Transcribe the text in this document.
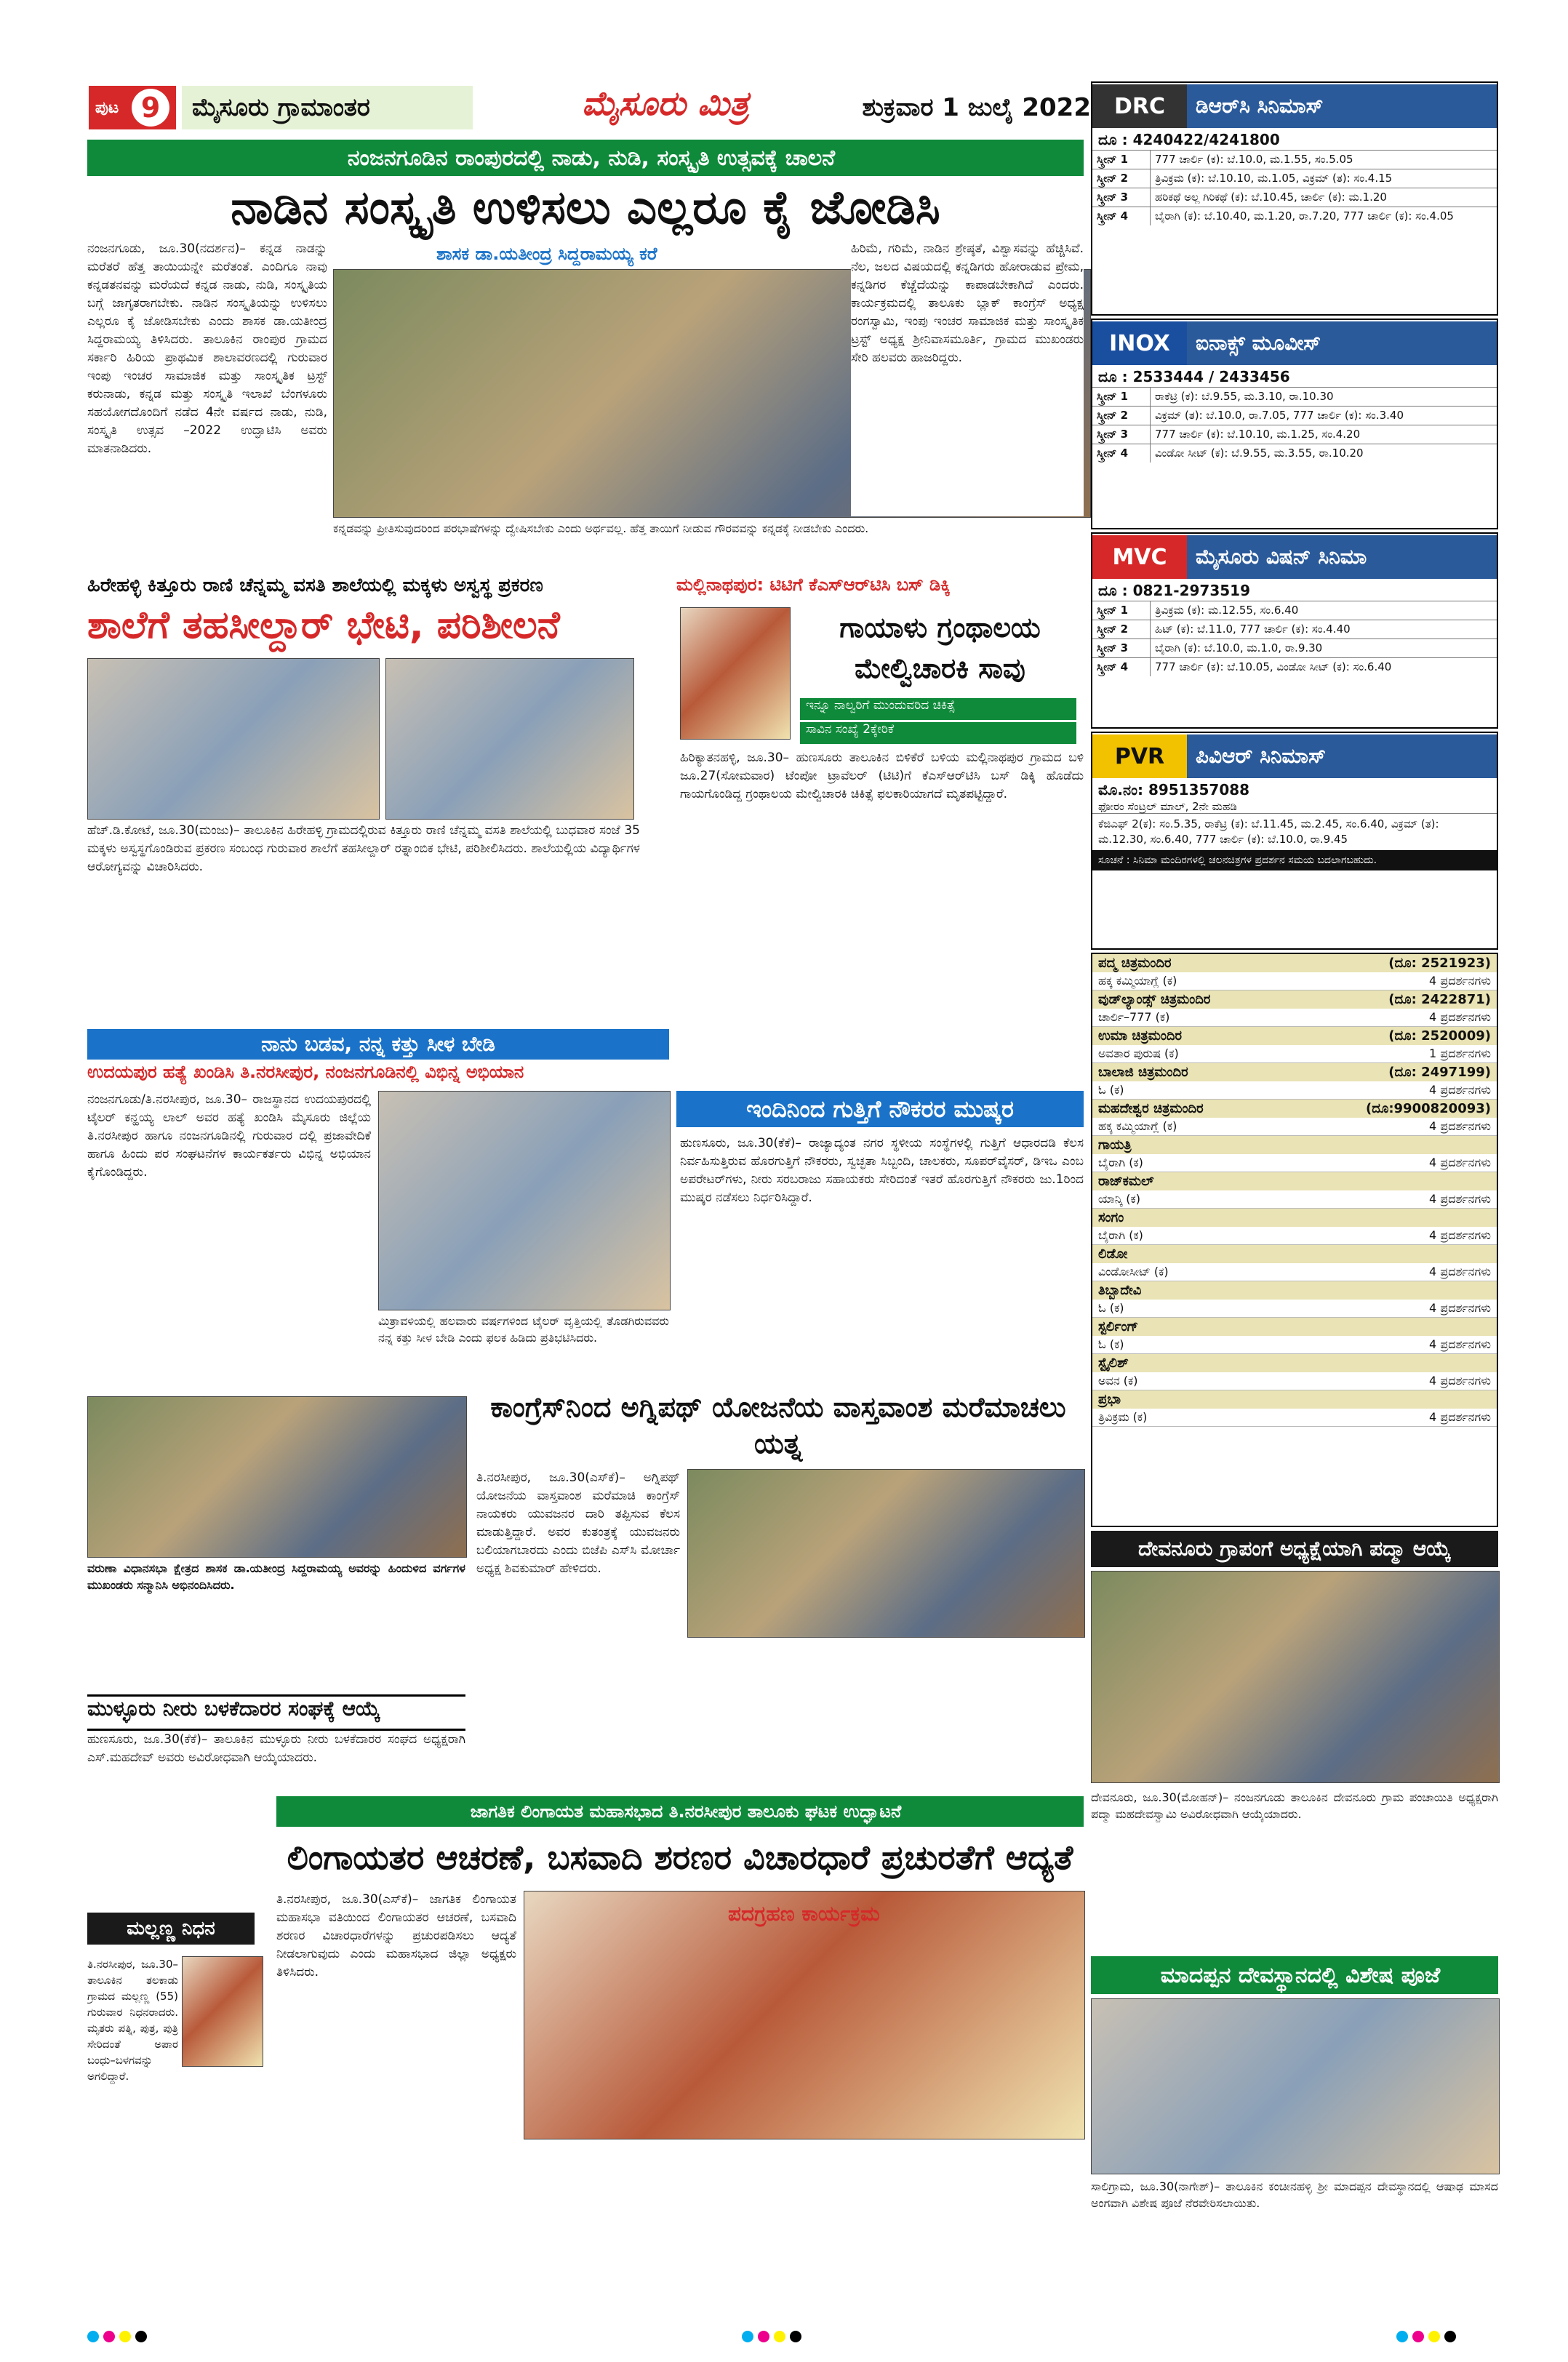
ಪುಟ 9	ಮೈಸೂರು ಗ್ರಾಮಾಂತರ	ಮೈಸೂರು ಮಿತ್ರ	ಶುಕ್ರವಾರ 1 ಜುಲೈ 2022
ನಂಜನಗೂಡಿನ ರಾಂಪುರದಲ್ಲಿ ನಾಡು, ನುಡಿ, ಸಂಸ್ಕೃತಿ ಉತ್ಸವಕ್ಕೆ ಚಾಲನೆ
ನಾಡಿನ ಸಂಸ್ಕೃತಿ ಉಳಿಸಲು ಎಲ್ಲರೂ ಕೈ ಜೋಡಿಸಿ
ನಂಜನಗೂಡು, ಜೂ.30(ನದರ್ಶನ)– ಕನ್ನಡ ನಾಡನ್ನು ಮರೆತರೆ ಹೆತ್ತ ತಾಯಿಯನ್ನೇ ಮರೆತಂತೆ. ಎಂದಿಗೂ ನಾವು ಕನ್ನಡತನವನ್ನು ಮರೆಯದೆ ಕನ್ನಡ ನಾಡು, ನುಡಿ, ಸಂಸ್ಕೃತಿಯ ಬಗ್ಗೆ ಜಾಗೃತರಾಗಬೇಕು. ನಾಡಿನ ಸಂಸ್ಕೃತಿಯನ್ನು ಉಳಿಸಲು ಎಲ್ಲರೂ ಕೈ ಜೋಡಿಸಬೇಕು ಎಂದು ಶಾಸಕ ಡಾ.ಯತೀಂದ್ರ ಸಿದ್ದರಾಮಯ್ಯ ತಿಳಿಸಿದರು. ತಾಲೂಕಿನ ರಾಂಪುರ ಗ್ರಾಮದ ಸರ್ಕಾರಿ ಹಿರಿಯ ಪ್ರಾಥಮಿಕ ಶಾಲಾವರಣದಲ್ಲಿ ಗುರುವಾರ ಇಂಪು ಇಂಚರ ಸಾಮಾಜಿಕ ಮತ್ತು ಸಾಂಸ್ಕೃತಿಕ ಟ್ರಸ್ಟ್ ಕರುನಾಡು, ಕನ್ನಡ ಮತ್ತು ಸಂಸ್ಕೃತಿ ಇಲಾಖೆ ಬೆಂಗಳೂರು ಸಹಯೋಗದೊಂದಿಗೆ ನಡೆದ 4ನೇ ವರ್ಷದ ನಾಡು, ನುಡಿ, ಸಂಸ್ಕೃತಿ ಉತ್ಸವ –2022 ಉದ್ಘಾಟಿಸಿ ಅವರು ಮಾತನಾಡಿದರು.
ಶಾಸಕ ಡಾ.ಯತೀಂದ್ರ ಸಿದ್ದರಾಮಯ್ಯ ಕರೆ	ಹಿರಿಮೆ, ಗರಿಮೆ, ನಾಡಿನ ಶ್ರೇಷ್ಠತೆ, ವಿಶ್ವಾಸವನ್ನು ಹೆಚ್ಚಿಸಿವೆ. ನೆಲ, ಜಲದ ವಿಷಯದಲ್ಲಿ ಕನ್ನಡಿಗರು ಹೋರಾಡುವ ಪ್ರೇಮ, ಕನ್ನಡಿಗರ ಕೆಚ್ಚೆದೆಯನ್ನು ಕಾಪಾಡಬೇಕಾಗಿದೆ ಎಂದರು. ಕಾರ್ಯಕ್ರಮದಲ್ಲಿ ತಾಲೂಕು ಬ್ಲಾಕ್ ಕಾಂಗ್ರೆಸ್ ಅಧ್ಯಕ್ಷ ರಂಗಸ್ವಾಮಿ, ಇಂಪು ಇಂಚರ ಸಾಮಾಜಿಕ ಮತ್ತು ಸಾಂಸ್ಕೃತಿಕ ಟ್ರಸ್ಟ್ ಅಧ್ಯಕ್ಷ ಶ್ರೀನಿವಾಸಮೂರ್ತಿ, ಗ್ರಾಮದ ಮುಖಂಡರು ಸೇರಿ ಹಲವರು ಹಾಜರಿದ್ದರು.
ಕನ್ನಡವನ್ನು ಪ್ರೀತಿಸುವುದರಿಂದ ಪರಭಾಷೆಗಳನ್ನು ದ್ವೇಷಿಸಬೇಕು ಎಂದು ಅರ್ಥವಲ್ಲ. ಹೆತ್ತ ತಾಯಿಗೆ ನೀಡುವ ಗೌರವವನ್ನು ಕನ್ನಡಕ್ಕೆ ನೀಡಬೇಕು ಎಂದರು.
ಹಿರೇಹಳ್ಳಿ ಕಿತ್ತೂರು ರಾಣಿ ಚೆನ್ನಮ್ಮ ವಸತಿ ಶಾಲೆಯಲ್ಲಿ ಮಕ್ಕಳು ಅಸ್ವಸ್ಥ ಪ್ರಕರಣ
ಶಾಲೆಗೆ ತಹಸೀಲ್ದಾರ್ ಭೇಟಿ, ಪರಿಶೀಲನೆ
ಹೆಚ್.ಡಿ.ಕೋಟೆ, ಜೂ.30(ಮಂಜು)– ತಾಲೂಕಿನ ಹಿರೇಹಳ್ಳಿ ಗ್ರಾಮದಲ್ಲಿರುವ ಕಿತ್ತೂರು ರಾಣಿ ಚೆನ್ನಮ್ಮ ವಸತಿ ಶಾಲೆಯಲ್ಲಿ ಬುಧವಾರ ಸಂಜೆ 35 ಮಕ್ಕಳು ಅಸ್ವಸ್ಥಗೊಂಡಿರುವ ಪ್ರಕರಣ ಸಂಬಂಧ ಗುರುವಾರ ಶಾಲೆಗೆ ತಹಸೀಲ್ದಾರ್ ರತ್ನಾಂಬಿಕ ಭೇಟಿ, ಪರಿಶೀಲಿಸಿದರು. ಶಾಲೆಯಲ್ಲಿಯ ವಿದ್ಯಾರ್ಥಿಗಳ ಆರೋಗ್ಯವನ್ನು ವಿಚಾರಿಸಿದರು.
ಮಲ್ಲಿನಾಥಪುರ: ಟಿಟಿಗೆ ಕೆಎಸ್‌ಆರ್‌ಟಿಸಿ ಬಸ್ ಡಿಕ್ಕಿ
ಗಾಯಾಳು ಗ್ರಂಥಾಲಯ ಮೇಲ್ವಿಚಾರಕಿ ಸಾವು
ಇನ್ನೂ ನಾಲ್ವರಿಗೆ ಮುಂದುವರಿದ ಚಿಕಿತ್ಸೆ
ಸಾವಿನ ಸಂಖ್ಯೆ 2ಕ್ಕೇರಿಕೆ
ಹಿರಿಕ್ಯಾತನಹಳ್ಳಿ, ಜೂ.30– ಹುಣಸೂರು ತಾಲೂಕಿನ ಬಿಳಿಕೆರೆ ಬಳಿಯ ಮಲ್ಲಿನಾಥಪುರ ಗ್ರಾಮದ ಬಳಿ ಜೂ.27(ಸೋಮವಾರ) ಟೆಂಪೋ ಟ್ರಾವೆಲರ್ (ಟಿಟಿ)ಗೆ ಕೆಎಸ್‌ಆರ್‌ಟಿಸಿ ಬಸ್ ಡಿಕ್ಕಿ ಹೊಡೆದು ಗಾಯಗೊಂಡಿದ್ದ ಗ್ರಂಥಾಲಯ ಮೇಲ್ವಿಚಾರಕಿ ಚಿಕಿತ್ಸೆ ಫಲಕಾರಿಯಾಗದೆ ಮೃತಪಟ್ಟಿದ್ದಾರೆ.
ನಾನು ಬಡವ, ನನ್ನ ಕತ್ತು ಸೀಳ ಬೇಡಿ
ಉದಯಪುರ ಹತ್ಯೆ ಖಂಡಿಸಿ ತಿ.ನರಸೀಪುರ, ನಂಜನಗೂಡಿನಲ್ಲಿ ವಿಭಿನ್ನ ಅಭಿಯಾನ
ನಂಜನಗೂಡು/ತಿ.ನರಸೀಪುರ, ಜೂ.30– ರಾಜಸ್ಥಾನದ ಉದಯಪುರದಲ್ಲಿ ಟೈಲರ್ ಕನ್ಹಯ್ಯ ಲಾಲ್ ಅವರ ಹತ್ಯೆ ಖಂಡಿಸಿ ಮೈಸೂರು ಜಿಲ್ಲೆಯ ತಿ.ನರಸೀಪುರ ಹಾಗೂ ನಂಜನಗೂಡಿನಲ್ಲಿ ಗುರುವಾರ ದಲ್ಲಿ ಪ್ರಜಾವೇದಿಕೆ ಹಾಗೂ ಹಿಂದು ಪರ ಸಂಘಟನೆಗಳ ಕಾರ್ಯಕರ್ತರು ವಿಭಿನ್ನ ಅಭಿಯಾನ ಕೈಗೊಂಡಿದ್ದರು.
ಮಿತ್ರಾವಳಿಯಲ್ಲಿ ಹಲವಾರು ವರ್ಷಗಳಿಂದ ಟೈಲರ್ ವೃತ್ತಿಯಲ್ಲಿ ತೊಡಗಿರುವವರು ನನ್ನ ಕತ್ತು ಸೀಳ ಬೇಡಿ ಎಂದು ಫಲಕ ಹಿಡಿದು ಪ್ರತಿಭಟಿಸಿದರು.
ಇಂದಿನಿಂದ ಗುತ್ತಿಗೆ ನೌಕರರ ಮುಷ್ಕರ
ಹುಣಸೂರು, ಜೂ.30(ಕೆಕೆ)– ರಾಜ್ಯಾದ್ಯಂತ ನಗರ ಸ್ಥಳೀಯ ಸಂಸ್ಥೆಗಳಲ್ಲಿ ಗುತ್ತಿಗೆ ಆಧಾರದಡಿ ಕೆಲಸ ನಿರ್ವಹಿಸುತ್ತಿರುವ ಹೊರಗುತ್ತಿಗೆ ನೌಕರರು, ಸ್ವಚ್ಛತಾ ಸಿಬ್ಬಂದಿ, ಚಾಲಕರು, ಸೂಪರ್‌ವೈಸರ್, ಡಿಇಒ ಎಂಬ ಅಪರೇಟರ್‌ಗಳು, ನೀರು ಸರಬರಾಜು ಸಹಾಯಕರು ಸೇರಿದಂತೆ ಇತರೆ ಹೊರಗುತ್ತಿಗೆ ನೌಕರರು ಜು.1ರಿಂದ ಮುಷ್ಕರ ನಡೆಸಲು ನಿರ್ಧರಿಸಿದ್ದಾರೆ.
ಕಾಂಗ್ರೆಸ್‌ನಿಂದ ಅಗ್ನಿಪಥ್ ಯೋಜನೆಯ ವಾಸ್ತವಾಂಶ ಮರೆಮಾಚಲು ಯತ್ನ
ತಿ.ನರಸೀಪುರ, ಜೂ.30(ಎಸ್‌ಕೆ)– ಅಗ್ನಿಪಥ್ ಯೋಜನೆಯ ವಾಸ್ತವಾಂಶ ಮರೆಮಾಚಿ ಕಾಂಗ್ರೆಸ್ ನಾಯಕರು ಯುವಜನರ ದಾರಿ ತಪ್ಪಿಸುವ ಕೆಲಸ ಮಾಡುತ್ತಿದ್ದಾರೆ. ಅವರ ಕುತಂತ್ರಕ್ಕೆ ಯುವಜನರು ಬಲಿಯಾಗಬಾರದು ಎಂದು ಬಿಜೆಪಿ ಎಸ್‌ಸಿ ಮೋರ್ಚಾ ಅಧ್ಯಕ್ಷ ಶಿವಕುಮಾರ್ ಹೇಳಿದರು.
ವರುಣಾ ವಿಧಾನಸಭಾ ಕ್ಷೇತ್ರದ ಶಾಸಕ ಡಾ.ಯತೀಂದ್ರ ಸಿದ್ದರಾಮಯ್ಯ ಅವರನ್ನು ಹಿಂದುಳಿದ ವರ್ಗಗಳ ಮುಖಂಡರು ಸನ್ಮಾನಿಸಿ ಅಭಿನಂದಿಸಿದರು.
ಮುಳ್ಳೂರು ನೀರು ಬಳಕೆದಾರರ ಸಂಘಕ್ಕೆ ಆಯ್ಕೆ
ಹುಣಸೂರು, ಜೂ.30(ಕೆಕೆ)– ತಾಲೂಕಿನ ಮುಳ್ಳೂರು ನೀರು ಬಳಕೆದಾರರ ಸಂಘದ ಅಧ್ಯಕ್ಷರಾಗಿ ಎಸ್.ಮಹದೇವ್ ಅವರು ಅವಿರೋಧವಾಗಿ ಆಯ್ಕೆಯಾದರು.
ಮಲ್ಲಣ್ಣ ನಿಧನ
ತಿ.ನರಸೀಪುರ, ಜೂ.30– ತಾಲೂಕಿನ ತಲಕಾಡು ಗ್ರಾಮದ ಮಲ್ಲಣ್ಣ (55) ಗುರುವಾರ ನಿಧನರಾದರು. ಮೃತರು ಪತ್ನಿ, ಪುತ್ರ, ಪುತ್ರಿ ಸೇರಿದಂತೆ ಅಪಾರ ಬಂಧು–ಬಳಗವನ್ನು ಅಗಲಿದ್ದಾರೆ.
ಜಾಗತಿಕ ಲಿಂಗಾಯತ ಮಹಾಸಭಾದ ತಿ.ನರಸೀಪುರ ತಾಲೂಕು ಘಟಕ ಉದ್ಘಾಟನೆ
ಲಿಂಗಾಯತರ ಆಚರಣೆ, ಬಸವಾದಿ ಶರಣರ ವಿಚಾರಧಾರೆ ಪ್ರಚುರತೆಗೆ ಆದ್ಯತೆ
ತಿ.ನರಸೀಪುರ, ಜೂ.30(ಎಸ್‌ಕೆ)– ಜಾಗತಿಕ ಲಿಂಗಾಯತ ಮಹಾಸಭಾ ವತಿಯಿಂದ ಲಿಂಗಾಯತರ ಆಚರಣೆ, ಬಸವಾದಿ ಶರಣರ ವಿಚಾರಧಾರೆಗಳನ್ನು ಪ್ರಚುರಪಡಿಸಲು ಆದ್ಯತೆ ನೀಡಲಾಗುವುದು ಎಂದು ಮಹಾಸಭಾದ ಜಿಲ್ಲಾ ಅಧ್ಯಕ್ಷರು ತಿಳಿಸಿದರು.
ಪದಗ್ರಹಣ ಕಾರ್ಯಕ್ರಮ
DRC	ಡಿಆರ್‌ಸಿ ಸಿನಿಮಾಸ್
ದೂ : 4240422/4241800
ಸ್ಕ್ರೀನ್ 1	777 ಚಾರ್ಲಿ (ಕ): ಬೆ.10.0, ಮ.1.55, ಸಂ.5.05
ಸ್ಕ್ರೀನ್ 2	ತ್ರಿವಿಕ್ರಮ (ಕ): ಬೆ.10.10, ಮ.1.05, ವಿಕ್ರಮ್ (ತ): ಸಂ.4.15
ಸ್ಕ್ರೀನ್ 3	ಹರಿಕಥೆ ಅಲ್ಲ ಗಿರಿಕಥೆ (ಕ): ಬೆ.10.45, ಚಾರ್ಲಿ (ಕ): ಮ.1.20
ಸ್ಕ್ರೀನ್ 4	ಬೈರಾಗಿ (ಕ): ಬೆ.10.40, ಮ.1.20, ರಾ.7.20, 777 ಚಾರ್ಲಿ (ಕ): ಸಂ.4.05
INOX	ಐನಾಕ್ಸ್ ಮೂವೀಸ್
ದೂ : 2533444 / 2433456
ಸ್ಕ್ರೀನ್ 1	ರಾಕೆಟ್ರಿ (ಕ): ಬೆ.9.55, ಮ.3.10, ರಾ.10.30
ಸ್ಕ್ರೀನ್ 2	ವಿಕ್ರಮ್ (ತ): ಬೆ.10.0, ರಾ.7.05, 777 ಚಾರ್ಲಿ (ಕ): ಸಂ.3.40
ಸ್ಕ್ರೀನ್ 3	777 ಚಾರ್ಲಿ (ಕ): ಬೆ.10.10, ಮ.1.25, ಸಂ.4.20
ಸ್ಕ್ರೀನ್ 4	ವಿಂಡೋ ಸೀಟ್ (ಕ): ಬೆ.9.55, ಮ.3.55, ರಾ.10.20
MVC	ಮೈಸೂರು ವಿಷನ್ ಸಿನಿಮಾ
ದೂ : 0821-2973519
ಸ್ಕ್ರೀನ್ 1	ತ್ರಿವಿಕ್ರಮ (ಕ): ಮ.12.55, ಸಂ.6.40
ಸ್ಕ್ರೀನ್ 2	ಹಿಟ್ (ಕ): ಬೆ.11.0, 777 ಚಾರ್ಲಿ (ಕ): ಸಂ.4.40
ಸ್ಕ್ರೀನ್ 3	ಬೈರಾಗಿ (ಕ): ಬೆ.10.0, ಮ.1.0, ರಾ.9.30
ಸ್ಕ್ರೀನ್ 4	777 ಚಾರ್ಲಿ (ಕ): ಬೆ.10.05, ವಿಂಡೋ ಸೀಟ್ (ಕ): ಸಂ.6.40
PVR	ಪಿವಿಆರ್ ಸಿನಿಮಾಸ್
ಮೊ.ನಂ: 8951357088
ಫೋರಂ ಸೆಂಟ್ರಲ್ ಮಾಲ್, 2ನೇ ಮಹಡಿ
ಕೆಜಿಎಫ್ 2(ಕ): ಸಂ.5.35, ರಾಕೆಟ್ರಿ (ಕ): ಬೆ.11.45, ಮ.2.45, ಸಂ.6.40, ವಿಕ್ರಮ್ (ತ): ಮ.12.30, ಸಂ.6.40, 777 ಚಾರ್ಲಿ (ಕ): ಬೆ.10.0, ರಾ.9.45
ಸೂಚನೆ : ಸಿನಿಮಾ ಮಂದಿರಗಳಲ್ಲಿ ಚಲನಚಿತ್ರಗಳ ಪ್ರದರ್ಶನ ಸಮಯ ಬದಲಾಗಬಹುದು.
ಪದ್ಮ ಚಿತ್ರಮಂದಿರ	(ದೂ: 2521923)
ಹಕ್ಕ ಕಮ್ಮಿಯಾಗ್ಲೆ (ಕ)	4 ಪ್ರದರ್ಶನಗಳು
ವುಡ್‌ಲ್ಯಾಂಡ್ಸ್ ಚಿತ್ರಮಂದಿರ	(ದೂ: 2422871)
ಚಾರ್ಲಿ–777 (ಕ)	4 ಪ್ರದರ್ಶನಗಳು
ಉಮಾ ಚಿತ್ರಮಂದಿರ	(ದೂ: 2520009)
ಅವತಾರ ಪುರುಷ (ಕ)	1 ಪ್ರದರ್ಶನಗಳು
ಬಾಲಾಜಿ ಚಿತ್ರಮಂದಿರ	(ದೂ: 2497199)
ಓ (ಕ)	4 ಪ್ರದರ್ಶನಗಳು
ಮಹದೇಶ್ವರ ಚಿತ್ರಮಂದಿರ	(ದೂ:9900820093)
ಹಕ್ಕ ಕಮ್ಮಿಯಾಗ್ಲೆ (ಕ)	4 ಪ್ರದರ್ಶನಗಳು
ಗಾಯತ್ರಿ
ಬೈರಾಗಿ (ಕ)	4 ಪ್ರದರ್ಶನಗಳು
ರಾಜ್‌ಕಮಲ್
ಯಾನ್ಕಿ (ಕ)	4 ಪ್ರದರ್ಶನಗಳು
ಸಂಗಂ
ಬೈರಾಗಿ (ಕ)	4 ಪ್ರದರ್ಶನಗಳು
ಲಿಡೋ
ವಿಂಡೋಸೀಟ್ (ಕ)	4 ಪ್ರದರ್ಶನಗಳು
ತಿಬ್ಬಾದೇವಿ
ಓ (ಕ)	4 ಪ್ರದರ್ಶನಗಳು
ಸ್ಟರ್ಲಿಂಗ್
ಓ (ಕ)	4 ಪ್ರದರ್ಶನಗಳು
ಸ್ಟೈಲಿಶ್
ಅವನ (ಕ)	4 ಪ್ರದರ್ಶನಗಳು
ಪ್ರಭಾ
ತ್ರಿವಿಕ್ರಮ (ಕ)	4 ಪ್ರದರ್ಶನಗಳು
ದೇವನೂರು ಗ್ರಾಪಂಗೆ ಅಧ್ಯಕ್ಷೆಯಾಗಿ ಪದ್ಮಾ ಆಯ್ಕೆ
ದೇವನೂರು, ಜೂ.30(ಮೋಹನ್)– ನಂಜನಗೂಡು ತಾಲೂಕಿನ ದೇವನೂರು ಗ್ರಾಮ ಪಂಚಾಯಿತಿ ಅಧ್ಯಕ್ಷರಾಗಿ ಪದ್ಮಾ ಮಹದೇವಸ್ವಾಮಿ ಅವಿರೋಧವಾಗಿ ಆಯ್ಕೆಯಾದರು.
ಮಾದಪ್ಪನ ದೇವಸ್ಥಾನದಲ್ಲಿ ವಿಶೇಷ ಪೂಜೆ
ಸಾಲಿಗ್ರಾಮ, ಜೂ.30(ನಾಗೇಶ್)– ತಾಲೂಕಿನ ಕಂಚೀನಹಳ್ಳಿ ಶ್ರೀ ಮಾದಪ್ಪನ ದೇವಸ್ಥಾನದಲ್ಲಿ ಆಷಾಢ ಮಾಸದ ಅಂಗವಾಗಿ ವಿಶೇಷ ಪೂಜೆ ನೆರವೇರಿಸಲಾಯಿತು.
